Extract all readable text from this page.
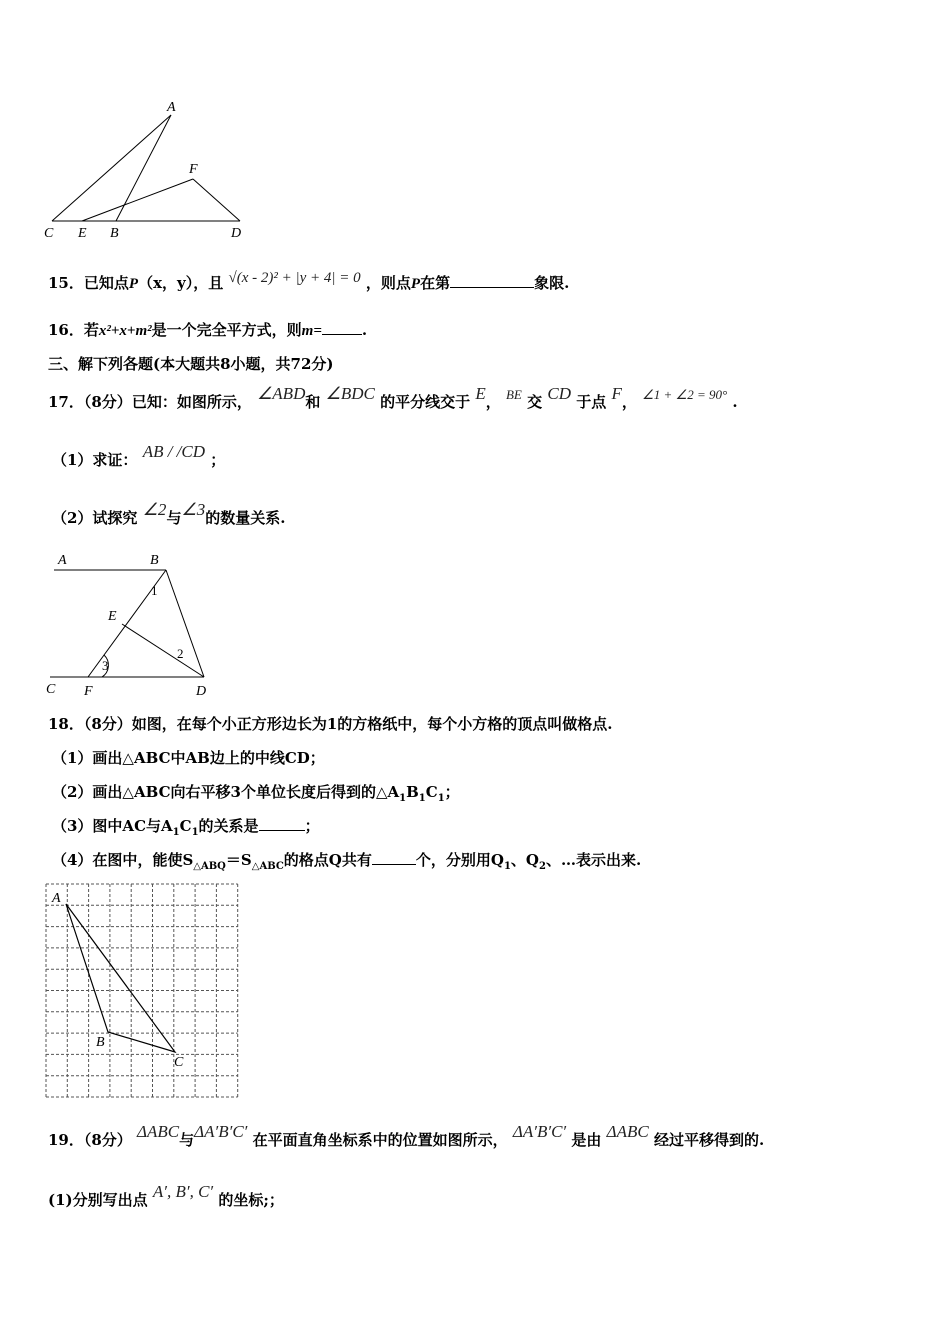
A
F
C E B	D
15．已知点P（x，y），且 √(x - 2)² + |y + 4| = 0 ，则点P在第	象限.
16．若x²+x+m²是一个完全平方式，则m=	.
三、解下列各题(本大题共8小题，共72分)
17．（8分）已知：如图所示， ∠ABD和 ∠BDC 的平分线交于 E， BE 交 CD 于点 F， ∠1 + ∠2 = 90° .
（1）求证： AB / /CD ；
（2）试探究 ∠2与∠3的数量关系.
A	B
E
C F	D
1
2
3
18．（8分）如图，在每个小正方形边长为1的方格纸中，每个小方格的顶点叫做格点.
（1）画出△ABC中AB边上的中线CD；
（2）画出△ABC向右平移3个单位长度后得到的$\triangle A_1B_1C_1$；
（3）图中AC与$A_1C_1$的关系是	；
（4）在图中，能使$S_{\triangle ABQ}=S_{\triangle ABC}$的格点Q共有	个，分别用$Q_1$、$Q_2$、…表示出来.
A
B
C
19．（8分） ΔABC与ΔA′B′C′ 在平面直角坐标系中的位置如图所示， ΔA′B′C′ 是由 ΔABC 经过平移得到的.
(1)分别写出点 A′, B′, C′ 的坐标;；
